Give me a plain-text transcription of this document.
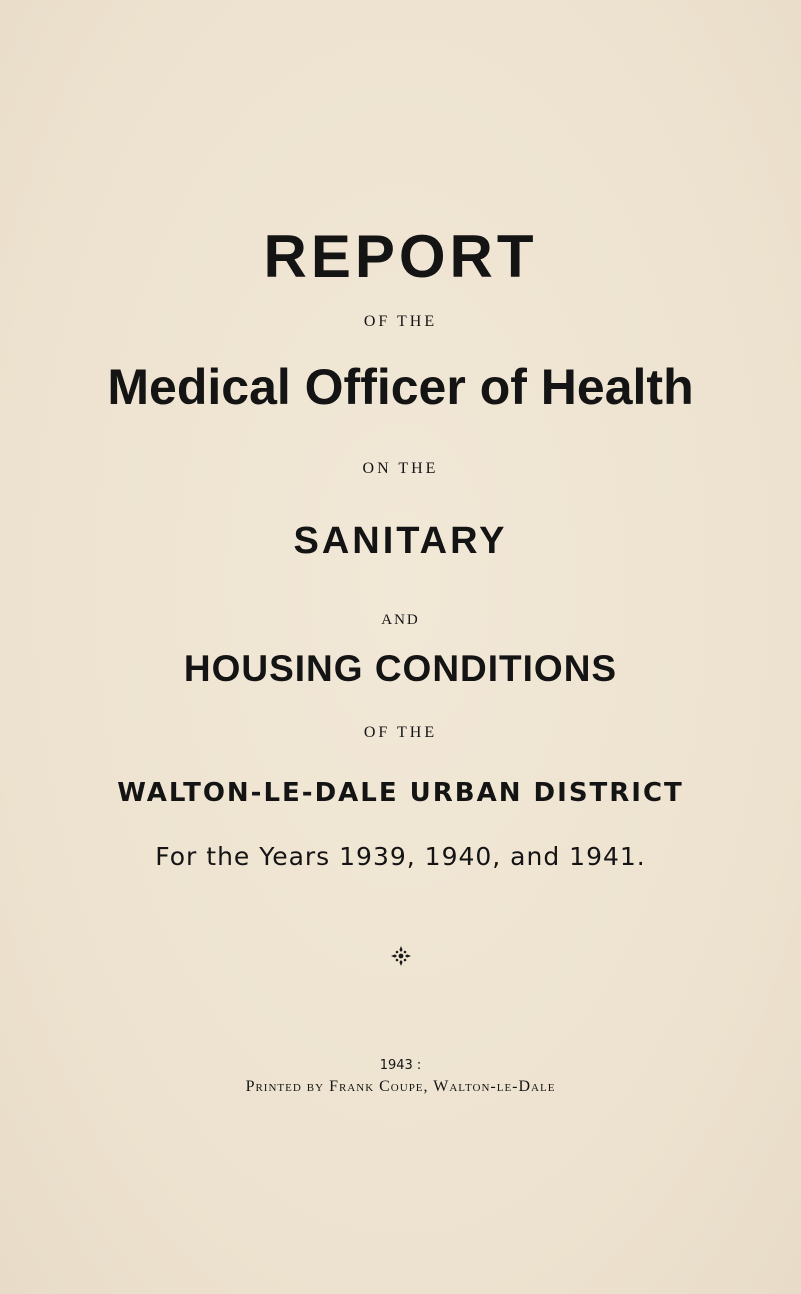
REPORT
OF THE
Medical Officer of Health
ON THE
SANITARY
AND
HOUSING CONDITIONS
OF THE
WALTON-LE-DALE URBAN DISTRICT
For the Years 1939, 1940, and 1941.
1943 :
Printed by Frank Coupe, Walton-le-Dale
